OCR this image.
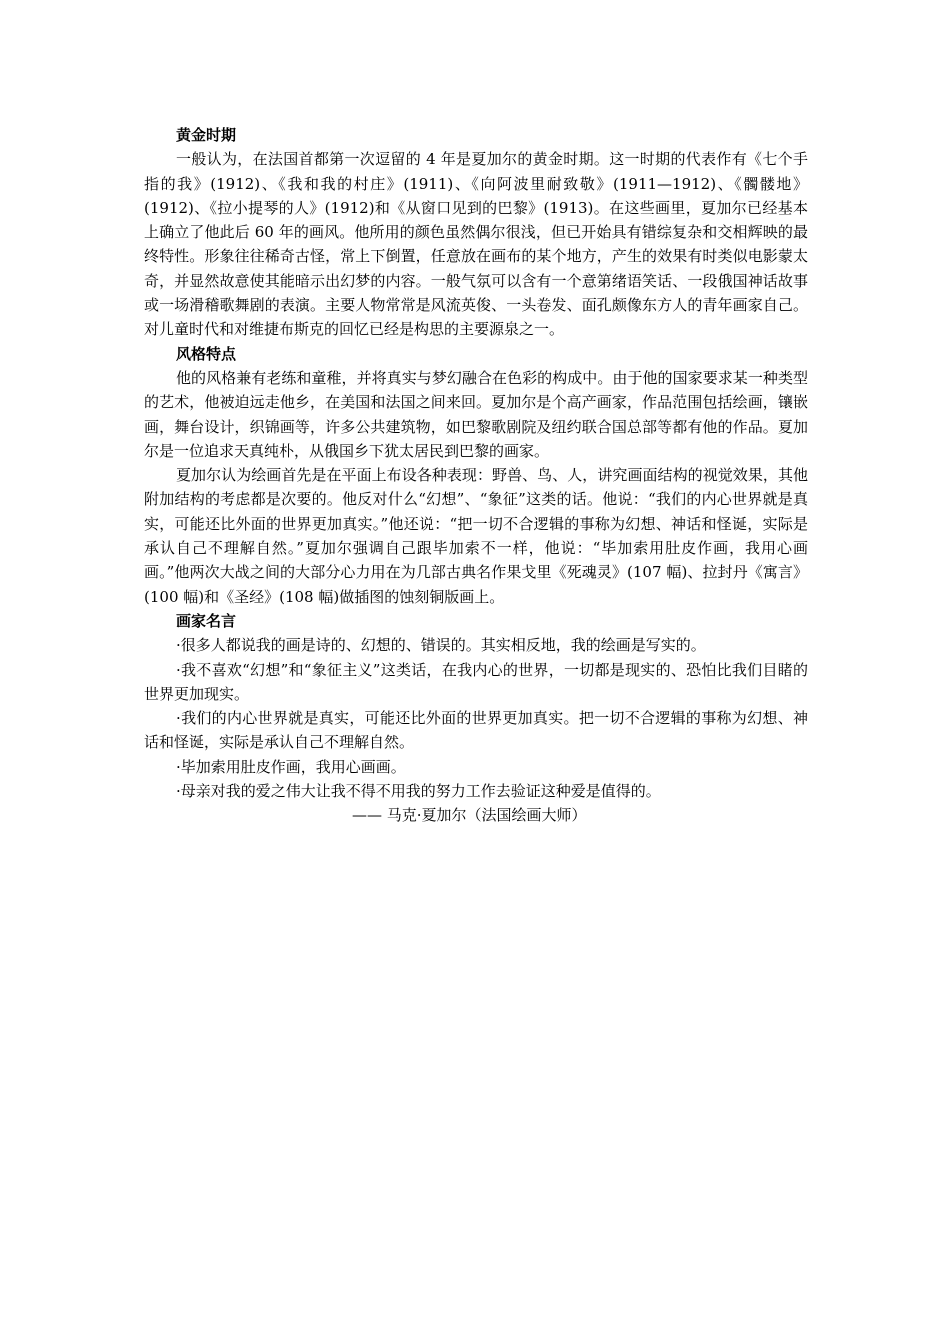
黄金时期

一般认为，在法国首都第一次逗留的 4 年是夏加尔的黄金时期。这一时期的代表作有《七个手指的我》(1912)、《我和我的村庄》(1911)、《向阿波里耐致敬》(1911—1912)、《髑髅地》(1912)、《拉小提琴的人》(1912)和《从窗口见到的巴黎》(1913)。在这些画里，夏加尔已经基本上确立了他此后 60 年的画风。他所用的颜色虽然偶尔很浅，但已开始具有错综复杂和交相辉映的最终特性。形象往往稀奇古怪，常上下倒置，任意放在画布的某个地方，产生的效果有时类似电影蒙太奇，并显然故意使其能暗示出幻梦的内容。一般气氛可以含有一个意第绪语笑话、一段俄国神话故事或一场滑稽歌舞剧的表演。主要人物常常是风流英俊、一头卷发、面孔颇像东方人的青年画家自己。对儿童时代和对维捷布斯克的回忆已经是构思的主要源泉之一。

风格特点

他的风格兼有老练和童稚，并将真实与梦幻融合在色彩的构成中。由于他的国家要求某一种类型的艺术，他被迫远走他乡，在美国和法国之间来回。夏加尔是个高产画家，作品范围包括绘画，镶嵌画，舞台设计，织锦画等，许多公共建筑物，如巴黎歌剧院及纽约联合国总部等都有他的作品。夏加尔是一位追求天真纯朴，从俄国乡下犹太居民到巴黎的画家。

夏加尔认为绘画首先是在平面上布设各种表现：野兽、鸟、人，讲究画面结构的视觉效果，其他附加结构的考虑都是次要的。他反对什么“幻想”、“象征”这类的话。他说：“我们的内心世界就是真实，可能还比外面的世界更加真实。”他还说：“把一切不合逻辑的事称为幻想、神话和怪诞，实际是承认自己不理解自然。”夏加尔强调自己跟毕加索不一样，他说：“毕加索用肚皮作画，我用心画画。”他两次大战之间的大部分心力用在为几部古典名作果戈里《死魂灵》(107 幅)、拉封丹《寓言》(100 幅)和《圣经》(108 幅)做插图的蚀刻铜版画上。

画家名言

·很多人都说我的画是诗的、幻想的、错误的。其实相反地，我的绘画是写实的。

·我不喜欢“幻想”和“象征主义”这类话，在我内心的世界，一切都是现实的、恐怕比我们目睹的世界更加现实。

·我们的内心世界就是真实，可能还比外面的世界更加真实。把一切不合逻辑的事称为幻想、神话和怪诞，实际是承认自己不理解自然。

·毕加索用肚皮作画，我用心画画。

·母亲对我的爱之伟大让我不得不用我的努力工作去验证这种爱是值得的。

—— 马克·夏加尔（法国绘画大师）
